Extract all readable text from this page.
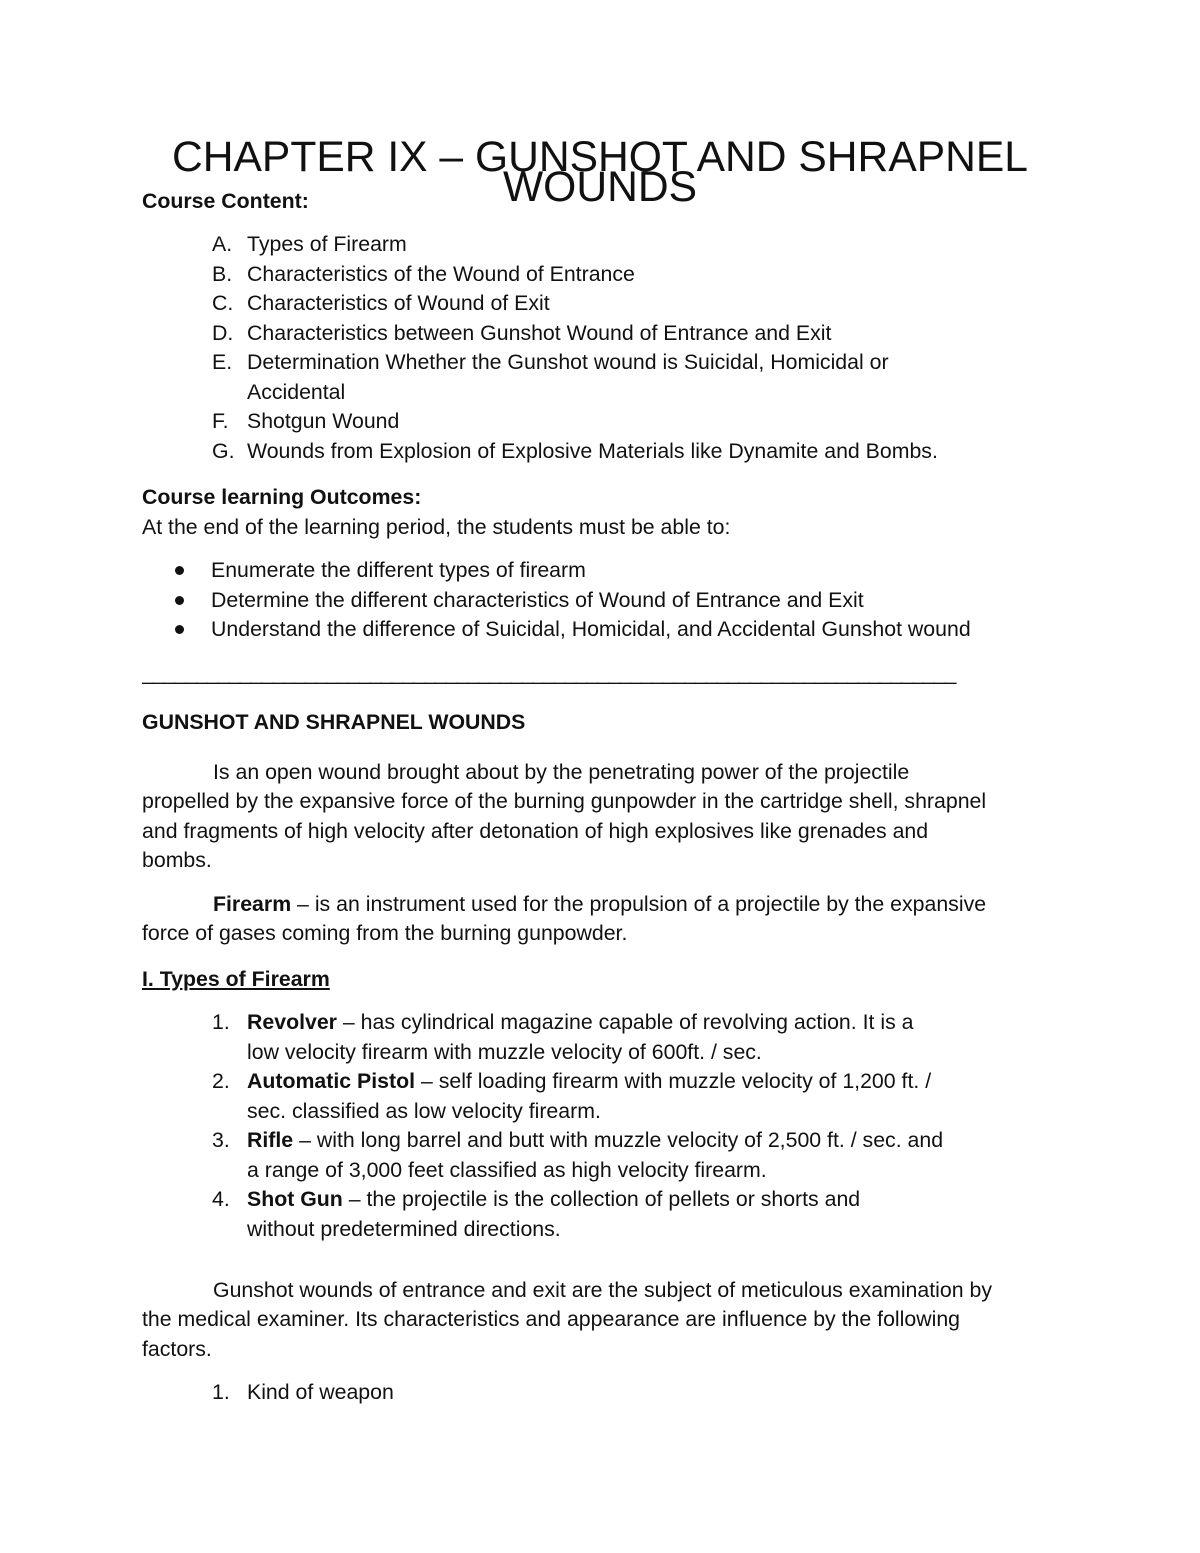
CHAPTER IX – GUNSHOT AND SHRAPNEL WOUNDS
Course Content:
A. Types of Firearm
B. Characteristics of the Wound of Entrance
C. Characteristics of Wound of Exit
D. Characteristics between Gunshot Wound of Entrance and Exit
E. Determination Whether the Gunshot wound is Suicidal, Homicidal or Accidental
F. Shotgun Wound
G. Wounds from Explosion of Explosive Materials like Dynamite and Bombs.
Course learning Outcomes:

At the end of the learning period, the students must be able to:

Enumerate the different types of firearm
Determine the different characteristics of Wound of Entrance and Exit
Understand the difference of Suicidal, Homicidal, and Accidental Gunshot wound
___________________________________________________________________________
GUNSHOT AND SHRAPNEL WOUNDS

Is an open wound brought about by the penetrating power of the projectile propelled by the expansive force of the burning gunpowder in the cartridge shell, shrapnel and fragments of high velocity after detonation of high explosives like grenades and bombs.

Firearm – is an instrument used for the propulsion of a projectile by the expansive force of gases coming from the burning gunpowder.

I. Types of Firearm
1. Revolver – has cylindrical magazine capable of revolving action. It is a low velocity firearm with muzzle velocity of 600ft. / sec.
2. Automatic Pistol – self loading firearm with muzzle velocity of 1,200 ft. / sec. classified as low velocity firearm.
3. Rifle – with long barrel and butt with muzzle velocity of 2,500 ft. / sec. and a range of 3,000 feet classified as high velocity firearm.
4. Shot Gun – the projectile is the collection of pellets or shorts and without predetermined directions.

Gunshot wounds of entrance and exit are the subject of meticulous examination by the medical examiner. Its characteristics and appearance are influence by the following factors.

1. Kind of weapon
